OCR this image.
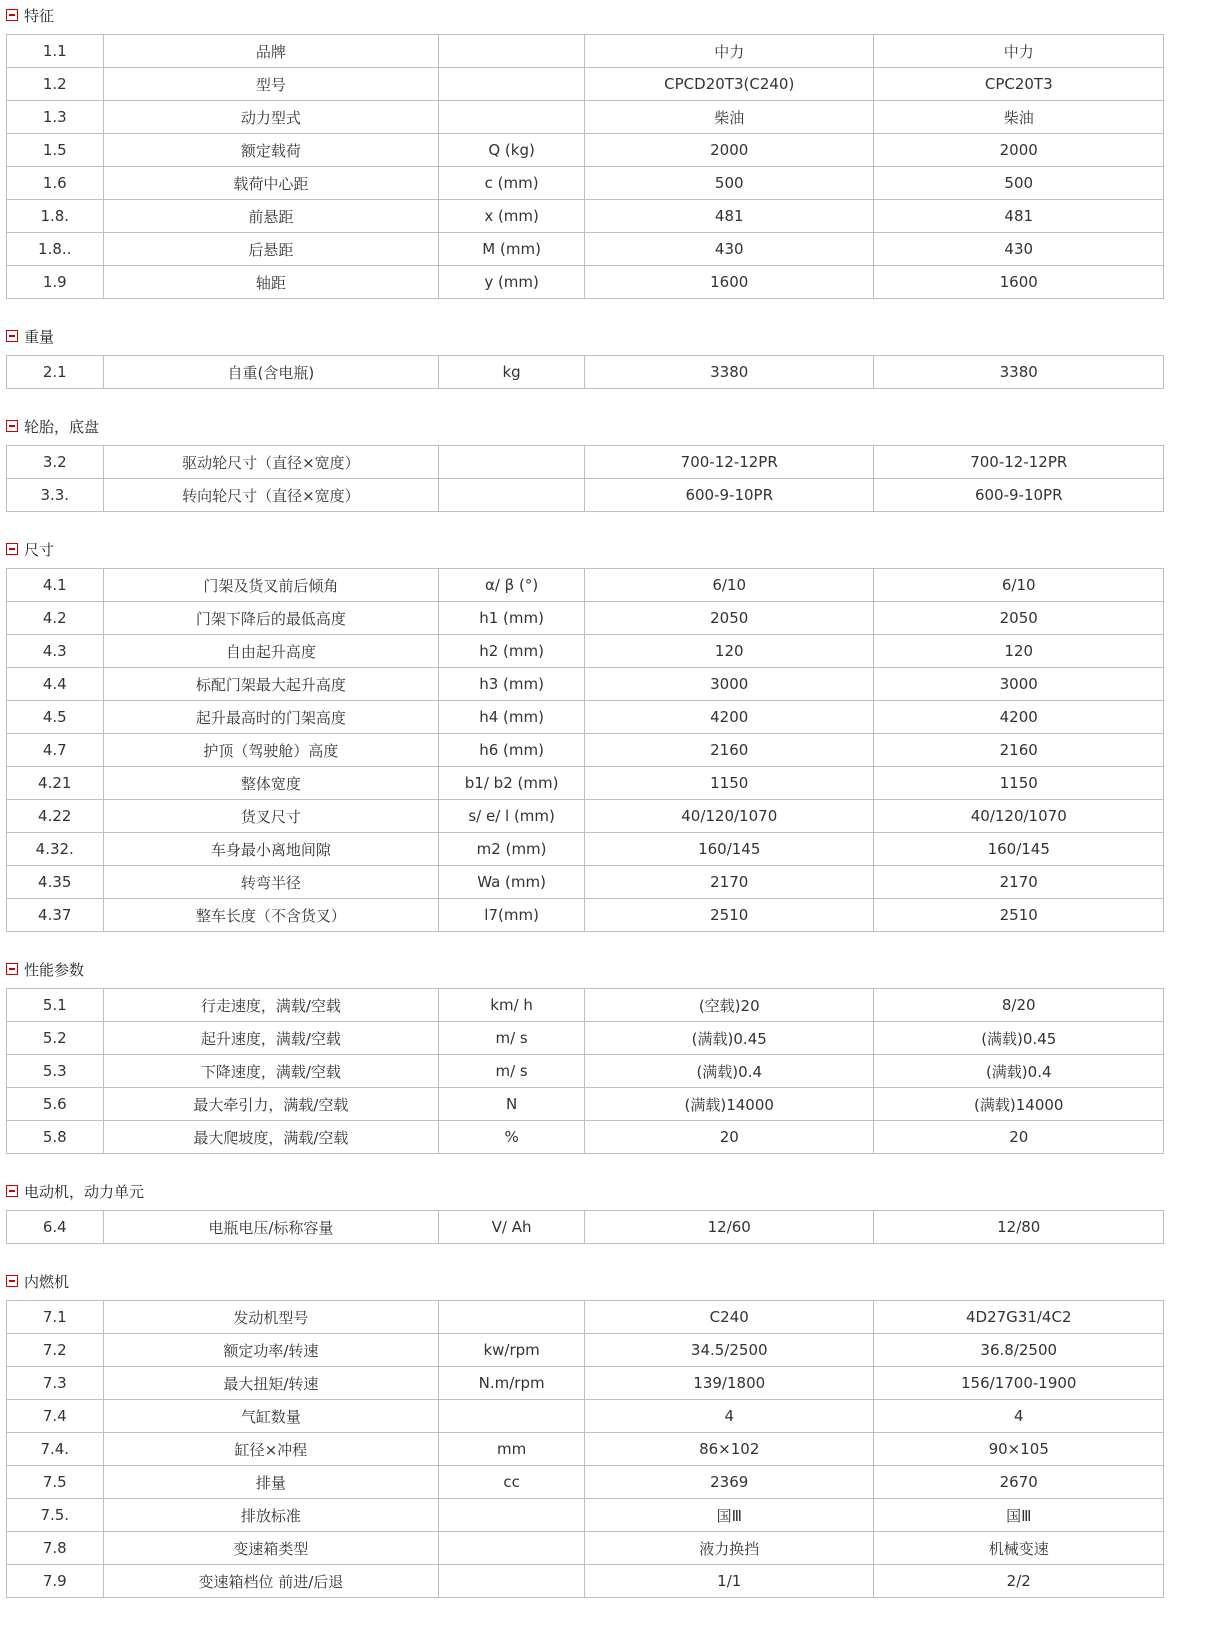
特征
1.1	品牌		中力	中力
1.2	型号		CPCD20T3(C240)	CPC20T3
1.3	动力型式		柴油	柴油
1.5	额定载荷	Q (kg)	2000	2000
1.6	载荷中心距	c (mm)	500	500
1.8.	前悬距	x (mm)	481	481
1.8..	后悬距	M (mm)	430	430
1.9	轴距	y (mm)	1600	1600
重量
2.1	自重(含电瓶)	kg	3380	3380
轮胎，底盘
3.2	驱动轮尺寸（直径×宽度）		700-12-12PR	700-12-12PR
3.3.	转向轮尺寸（直径×宽度）		600-9-10PR	600-9-10PR
尺寸
4.1	门架及货叉前后倾角	α/ β (°)	6/10	6/10
4.2	门架下降后的最低高度	h1 (mm)	2050	2050
4.3	自由起升高度	h2 (mm)	120	120
4.4	标配门架最大起升高度	h3 (mm)	3000	3000
4.5	起升最高时的门架高度	h4 (mm)	4200	4200
4.7	护顶（驾驶舱）高度	h6 (mm)	2160	2160
4.21	整体宽度	b1/ b2 (mm)	1150	1150
4.22	货叉尺寸	s/ e/ l (mm)	40/120/1070	40/120/1070
4.32.	车身最小离地间隙	m2 (mm)	160/145	160/145
4.35	转弯半径	Wa (mm)	2170	2170
4.37	整车长度（不含货叉）	l7(mm)	2510	2510
性能参数
5.1	行走速度，满载/空载	km/ h	(空载)20	8/20
5.2	起升速度，满载/空载	m/ s	(满载)0.45	(满载)0.45
5.3	下降速度，满载/空载	m/ s	(满载)0.4	(满载)0.4
5.6	最大牵引力，满载/空载	N	(满载)14000	(满载)14000
5.8	最大爬坡度，满载/空载	%	20	20
电动机，动力单元
6.4	电瓶电压/标称容量	V/ Ah	12/60	12/80
内燃机
7.1	发动机型号		C240	4D27G31/4C2
7.2	额定功率/转速	kw/rpm	34.5/2500	36.8/2500
7.3	最大扭矩/转速	N.m/rpm	139/1800	156/1700-1900
7.4	气缸数量		4	4
7.4.	缸径×冲程	mm	86×102	90×105
7.5	排量	cc	2369	2670
7.5.	排放标准		国Ⅲ	国Ⅲ
7.8	变速箱类型		液力换挡	机械变速
7.9	变速箱档位 前进/后退		1/1	2/2
